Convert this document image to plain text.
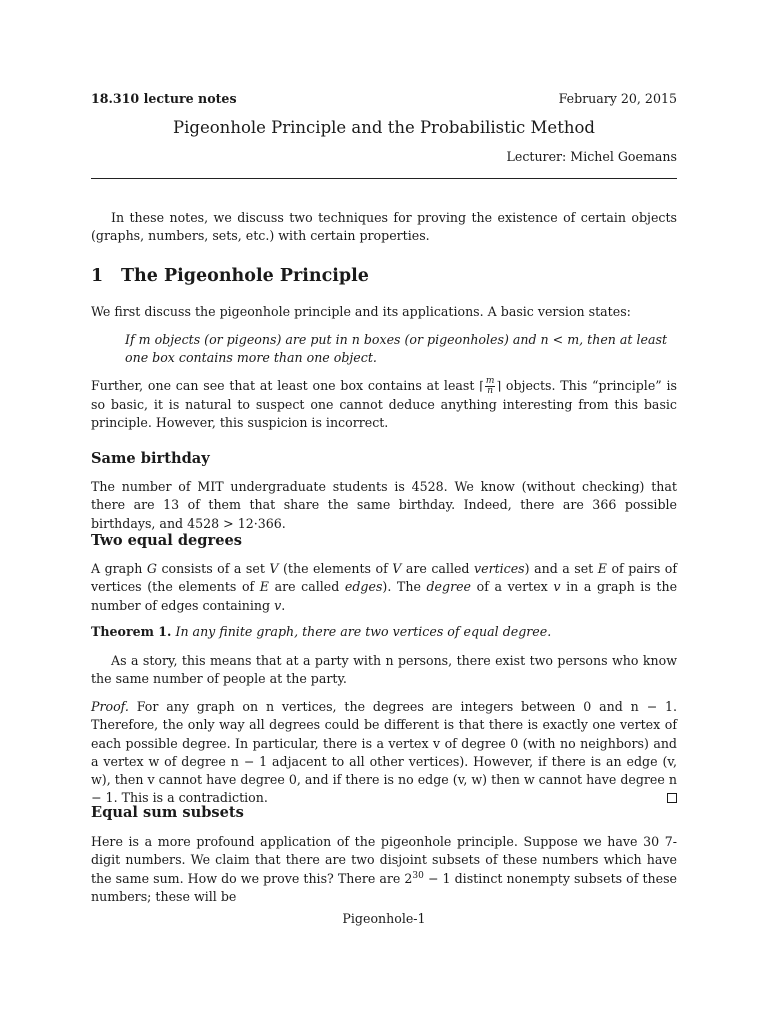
18.310 lecture notes	February 20, 2015
Pigeonhole Principle and the Probabilistic Method
Lecturer: Michel Goemans

In these notes, we discuss two techniques for proving the existence of certain objects (graphs, numbers, sets, etc.) with certain properties.

1 The Pigeonhole Principle

We first discuss the pigeonhole principle and its applications. A basic version states:

If m objects (or pigeons) are put in n boxes (or pigeonholes) and n < m, then at least one box contains more than one object.

Further, one can see that at least one box contains at least ⌈ $\frac{m}{n}$ ⌉ objects. This “principle” is so basic, it is natural to suspect one cannot deduce anything interesting from this basic principle. However, this suspicion is incorrect.

Same birthday

The number of MIT undergraduate students is 4528. We know (without checking) that there are 13 of them that share the same birthday. Indeed, there are 366 possible birthdays, and 4528 > 12·366.

Two equal degrees

A graph G consists of a set V (the elements of V are called vertices) and a set E of pairs of vertices (the elements of E are called edges). The degree of a vertex v in a graph is the number of edges containing v.

Theorem 1. In any finite graph, there are two vertices of equal degree.

As a story, this means that at a party with n persons, there exist two persons who know the same number of people at the party.

Proof. For any graph on n vertices, the degrees are integers between 0 and n − 1. Therefore, the only way all degrees could be different is that there is exactly one vertex of each possible degree. In particular, there is a vertex v of degree 0 (with no neighbors) and a vertex w of degree n − 1 adjacent to all other vertices). However, if there is an edge (v, w), then v cannot have degree 0, and if there is no edge (v, w) then w cannot have degree n − 1. This is a contradiction.

Equal sum subsets

Here is a more profound application of the pigeonhole principle. Suppose we have 30 7-digit numbers. We claim that there are two disjoint subsets of these numbers which have the same sum. How do we prove this? There are $2^{30} - 1$ distinct nonempty subsets of these numbers; these will be

Pigeonhole-1
